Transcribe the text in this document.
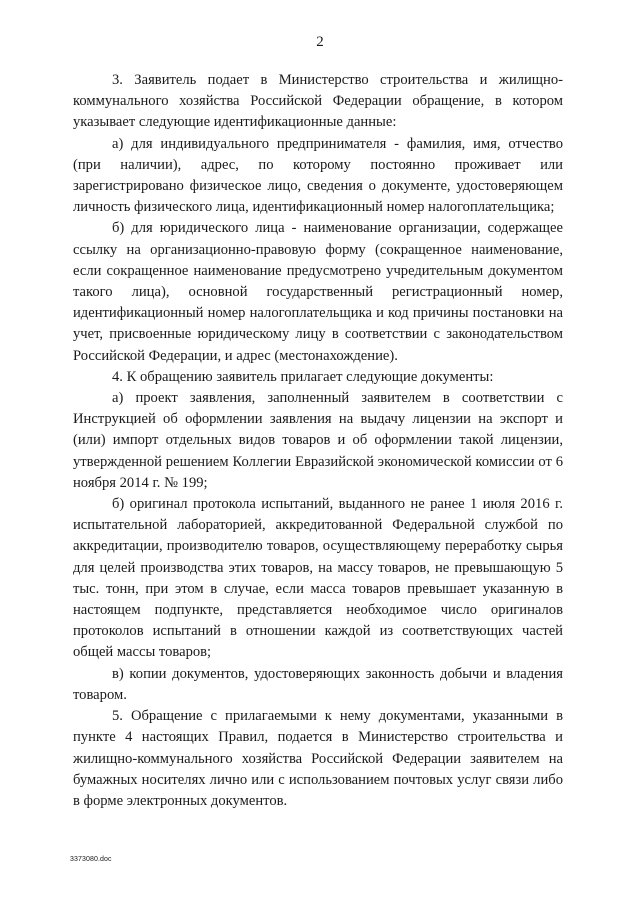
2

3. Заявитель подает в Министерство строительства и жилищно-коммунального хозяйства Российской Федерации обращение, в котором указывает следующие идентификационные данные:

а) для индивидуального предпринимателя - фамилия, имя, отчество (при наличии), адрес, по которому постоянно проживает или зарегистрировано физическое лицо, сведения о документе, удостоверяющем личность физического лица, идентификационный номер налогоплательщика;

б) для юридического лица - наименование организации, содержащее ссылку на организационно-правовую форму (сокращенное наименование, если сокращенное наименование предусмотрено учредительным документом такого лица), основной государственный регистрационный номер, идентификационный номер налогоплательщика и код причины постановки на учет, присвоенные юридическому лицу в соответствии с законодательством Российской Федерации, и адрес (местонахождение).

4. К обращению заявитель прилагает следующие документы:

а) проект заявления, заполненный заявителем в соответствии с Инструкцией об оформлении заявления на выдачу лицензии на экспорт и (или) импорт отдельных видов товаров и об оформлении такой лицензии, утвержденной решением Коллегии Евразийской экономической комиссии от 6 ноября 2014 г. № 199;

б) оригинал протокола испытаний, выданного не ранее 1 июля 2016 г. испытательной лабораторией, аккредитованной Федеральной службой по аккредитации, производителю товаров, осуществляющему переработку сырья для целей производства этих товаров, на массу товаров, не превышающую 5 тыс. тонн, при этом в случае, если масса товаров превышает указанную в настоящем подпункте, представляется необходимое число оригиналов протоколов испытаний в отношении каждой из соответствующих частей общей массы товаров;

в) копии документов, удостоверяющих законность добычи и владения товаром.

5. Обращение с прилагаемыми к нему документами, указанными в пункте 4 настоящих Правил, подается в Министерство строительства и жилищно-коммунального хозяйства Российской Федерации заявителем на бумажных носителях лично или с использованием почтовых услуг связи либо в форме электронных документов.

3373080.doc
